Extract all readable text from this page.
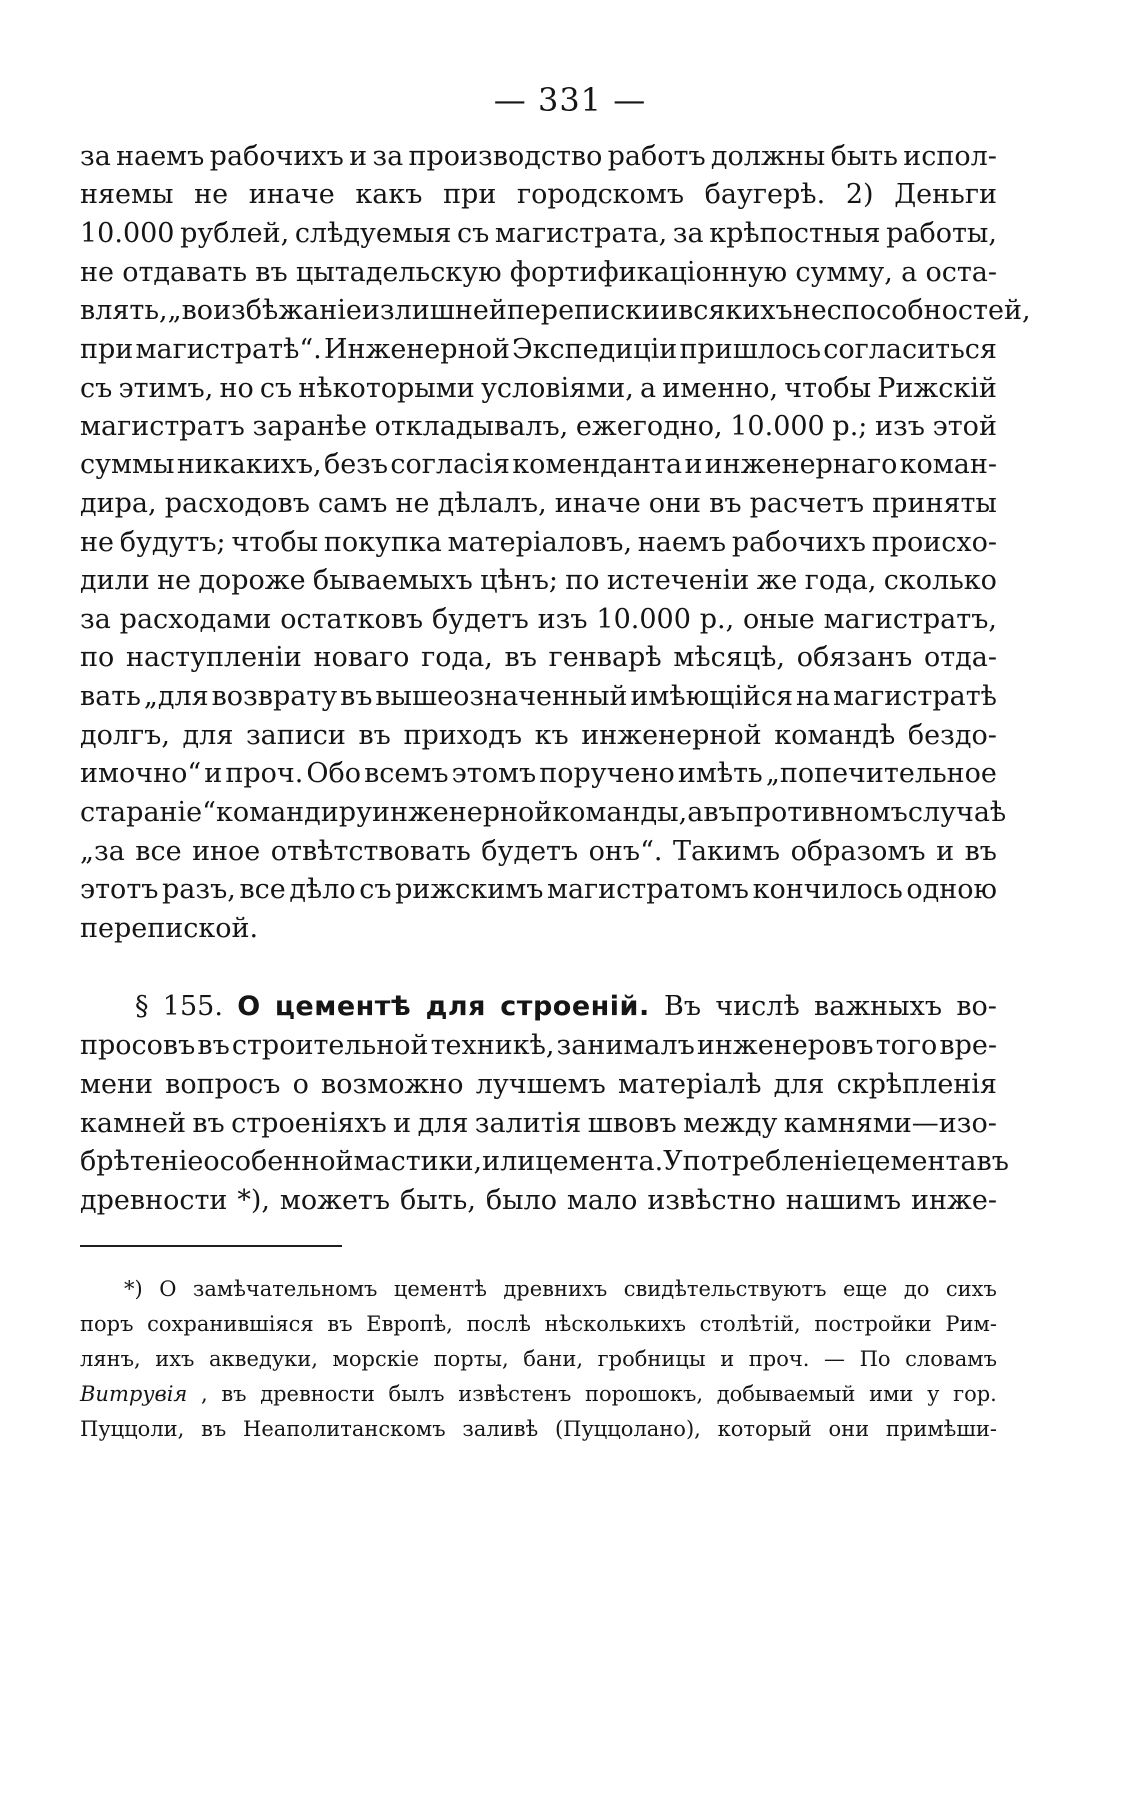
— 331 —
за наемъ рабочихъ и за производство работъ должны быть испол-
няемы не иначе какъ при городскомъ баугерѣ. 2) Деньги
10.000 рублей, слѣдуемыя съ магистрата, за крѣпостныя работы,
не отдавать въ цытадельскую фортификаціонную сумму, а оста-
влять, „во избѣжаніе излишней переписки и всякихъ неспособностей,
при магистратѣ“. Инженерной Экспедиціи пришлось согласиться
съ этимъ, но съ нѣкоторыми условіями, а именно, чтобы Рижскій
магистратъ заранѣе откладывалъ, ежегодно, 10.000 р.; изъ этой
суммы никакихъ, безъ согласія коменданта и инженернаго коман-
дира, расходовъ самъ не дѣлалъ, иначе они въ расчетъ приняты
не будутъ; чтобы покупка матеріаловъ, наемъ рабочихъ происхо-
дили не дороже бываемыхъ цѣнъ; по истеченіи же года, сколько
за расходами остатковъ будетъ изъ 10.000 р., оные магистратъ,
по наступленіи новаго года, въ генварѣ мѣсяцѣ, обязанъ отда-
вать „для возврату въ вышеозначенный имѣющійся на магистратѣ
долгъ, для записи въ приходъ къ инженерной командѣ бездо-
имочно“ и проч. Обо всемъ этомъ поручено имѣть „попечительное
стараніе“ командиру инженерной команды, а въ противномъ случаѣ
„за все иное отвѣтствовать будетъ онъ“. Такимъ образомъ и въ
этотъ разъ, все дѣло съ рижскимъ магистратомъ кончилось одною
перепиской.
§ 155. О цементѣ для строеній. Въ числѣ важныхъ во-
просовъ въ строительной техникѣ, занималъ инженеровъ того вре-
мени вопросъ о возможно лучшемъ матеріалѣ для скрѣпленія
камней въ строеніяхъ и для залитія швовъ между камнями—изо-
брѣтеніе особенной мастики, или цемента. Употребленіе цемента въ
древности *), можетъ быть, было мало извѣстно нашимъ инже-
*) О замѣчательномъ цементѣ древнихъ свидѣтельствуютъ еще до сихъ
поръ сохранившіяся въ Европѣ, послѣ нѣсколькихъ столѣтій, постройки Рим-
лянъ, ихъ акведуки, морскіе порты, бани, гробницы и проч. — По словамъ
Витрувія , въ древности былъ извѣстенъ порошокъ, добываемый ими у гор.
Пуццоли, въ Неаполитанскомъ заливѣ (Пуццолано), который они примѣши-
